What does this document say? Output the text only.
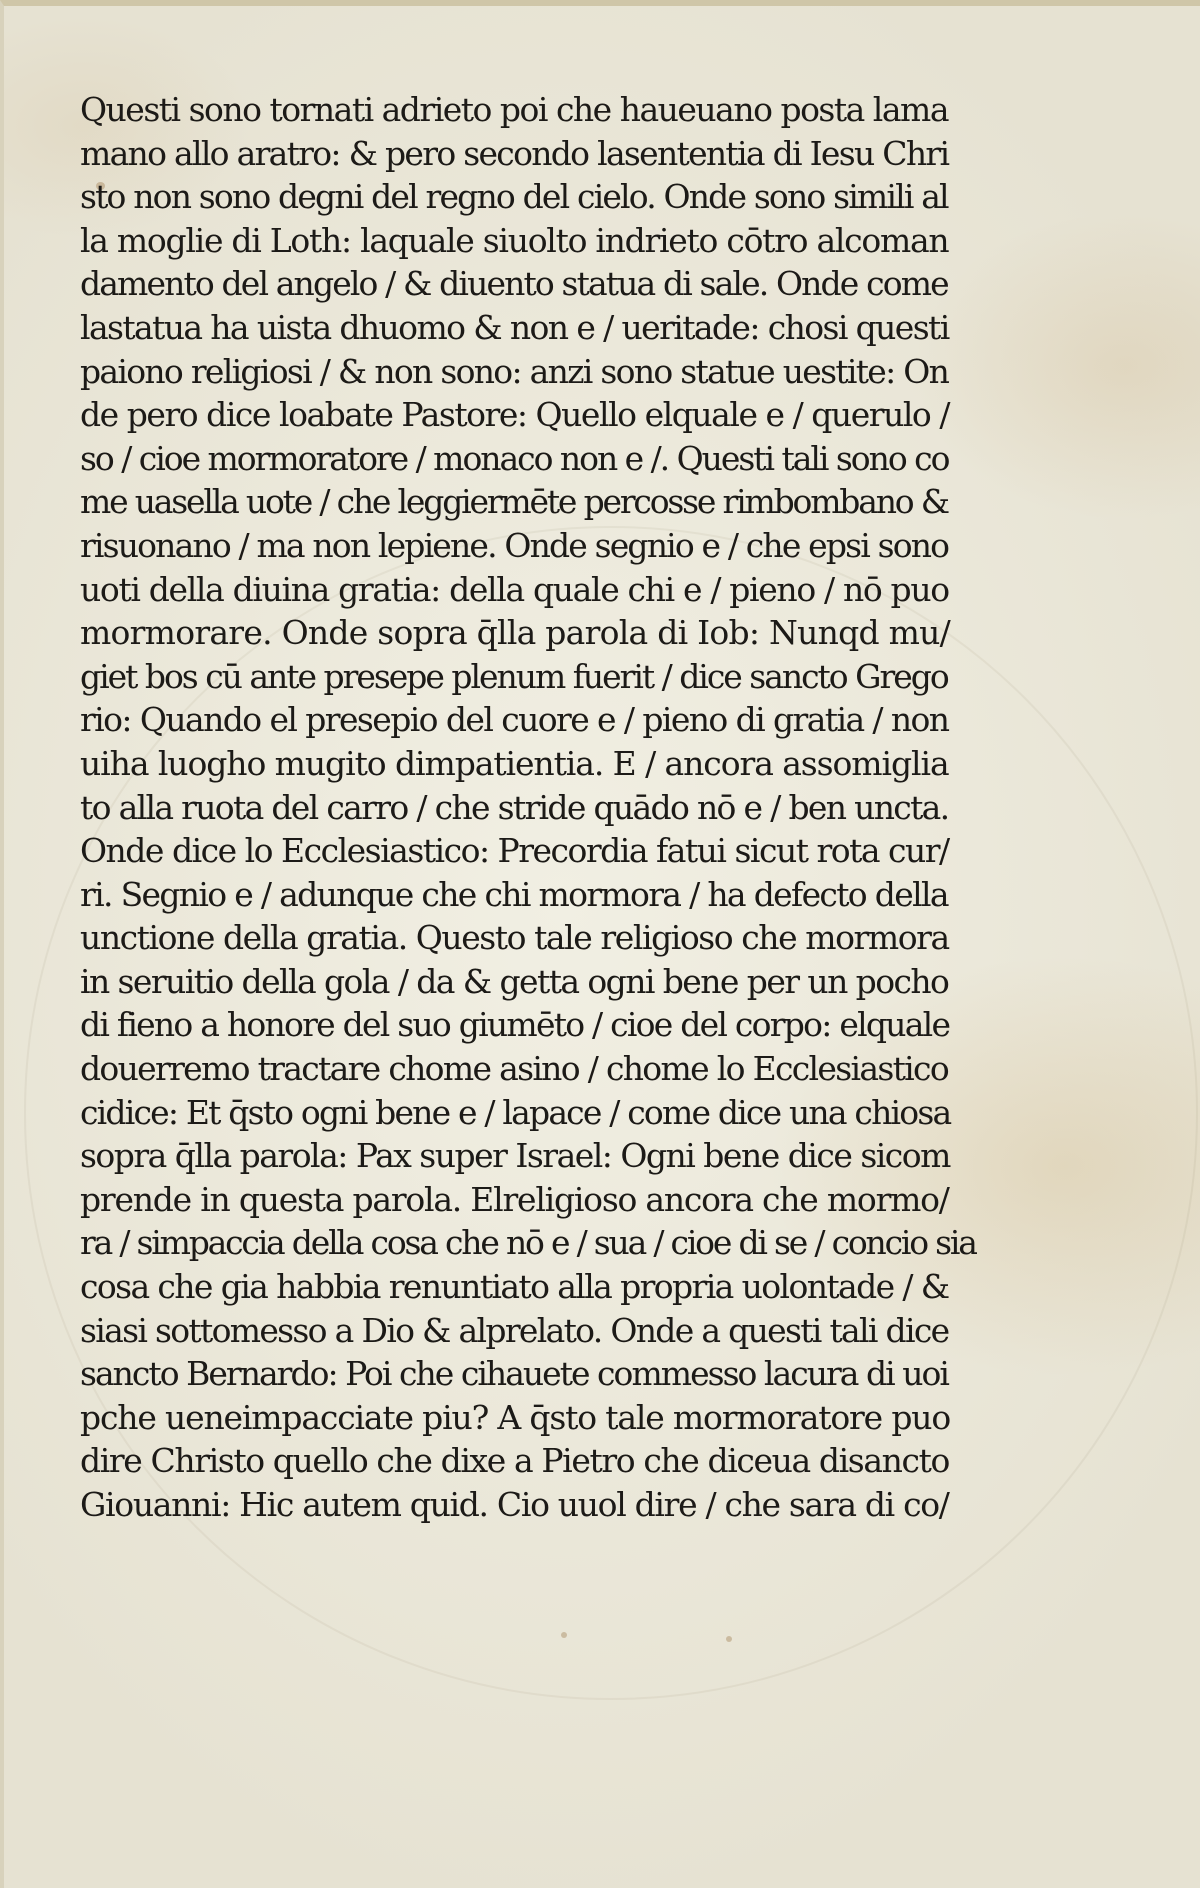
Questi sono tornati adrieto poi che haueuano posta lama
mano allo aratro: & pero secondo lasententia di Iesu Chri
sto non sono degni del regno del cielo. Onde sono simili al
la moglie di Loth: laquale siuolto indrieto cōtro alcoman
damento del angelo / & diuento statua di sale. Onde come
lastatua ha uista dhuomo & non e / ueritade: chosi questi
paiono religiosi / & non sono: anzi sono statue uestite: On
de pero dice loabate Pastore: Quello elquale e / querulo /
so / cioe mormoratore / monaco non e /. Questi tali sono co
me uasella uote / che leggiermēte percosse rimbombano &
risuonano / ma non lepiene. Onde segnio e / che epsi sono
uoti della diuina gratia: della quale chi e / pieno / nō puo
mormorare. Onde sopra q̄lla parola di Iob: Nunqd mu/
giet bos cū ante presepe plenum fuerit / dice sancto Grego
rio: Quando el presepio del cuore e / pieno di gratia / non
uiha luogho mugito dimpatientia. E / ancora assomiglia
to alla ruota del carro / che stride quādo nō e / ben uncta.
Onde dice lo Ecclesiastico: Precordia fatui sicut rota cur/
ri. Segnio e / adunque che chi mormora / ha defecto della
unctione della gratia. Questo tale religioso che mormora
in seruitio della gola / da & getta ogni bene per un pocho
di fieno a honore del suo giumēto / cioe del corpo: elquale
douerremo tractare chome asino / chome lo Ecclesiastico
cidice: Et q̄sto ogni bene e / lapace / come dice una chiosa
sopra q̄lla parola: Pax super Israel: Ogni bene dice sicom
prende in questa parola. Elreligioso ancora che mormo/
ra / simpaccia della cosa che nō e / sua / cioe di se / concio sia
cosa che gia habbia renuntiato alla propria uolontade / &
siasi sottomesso a Dio & alprelato. Onde a questi tali dice
sancto Bernardo: Poi che cihauete commesso lacura di uoi
pche ueneimpacciate piu? A q̄sto tale mormoratore puo
dire Christo quello che dixe a Pietro che diceua disancto
Giouanni: Hic autem quid. Cio uuol dire / che sara di co/
